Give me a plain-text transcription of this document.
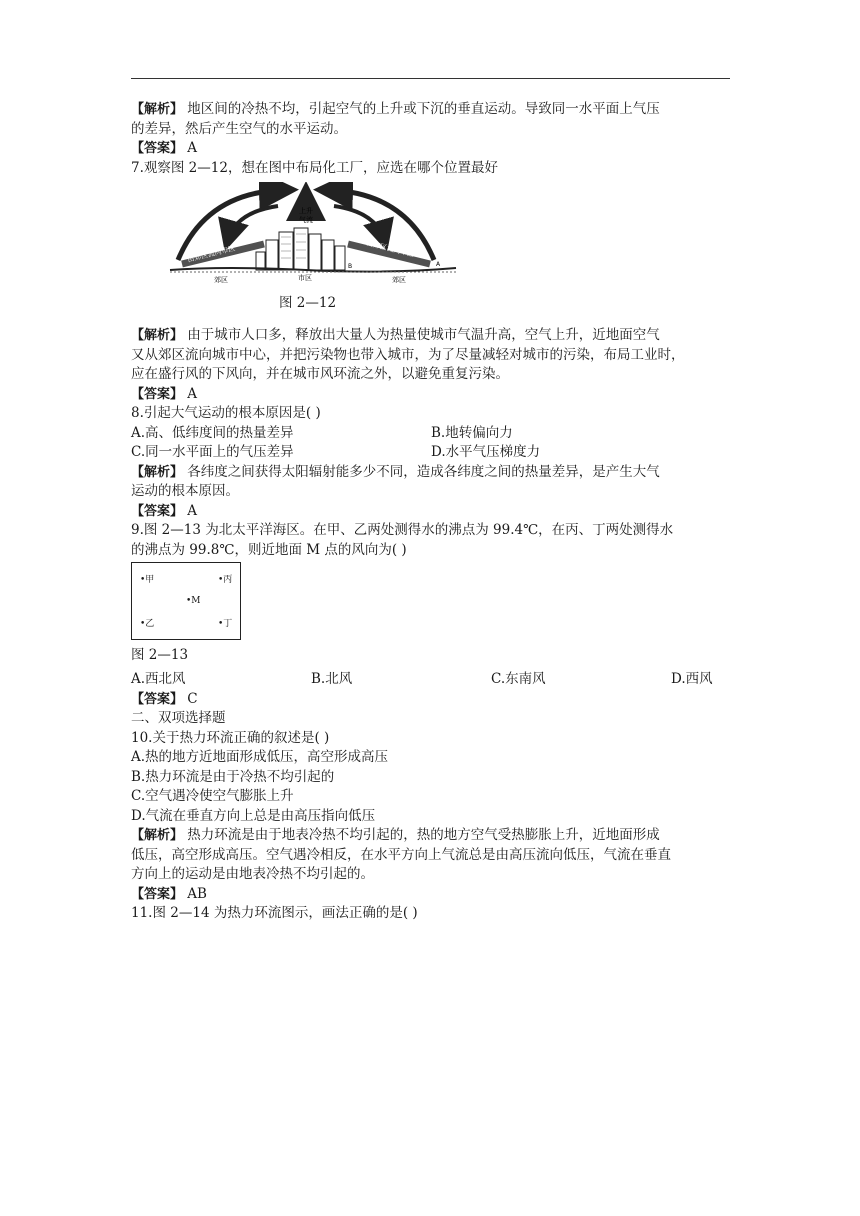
【解析】 地区间的冷热不均，引起空气的上升或下沉的垂直运动。导致同一水平面上气压
的差异，然后产生空气的水平运动。

【答案】 A

7.观察图 2—12，想在图中布局化工厂，应选在哪个位置最好

上升
气流
由郊区流向市区	由郊区流向市区
郊区	市区	郊区
B	A
图 2—12

【解析】 由于城市人口多，释放出大量人为热量使城市气温升高，空气上升，近地面空气
又从郊区流向城市中心，并把污染物也带入城市，为了尽量减轻对城市的污染，布局工业时，
应在盛行风的下风向，并在城市风环流之外，以避免重复污染。

【答案】 A

8.引起大气运动的根本原因是( )

A.高、低纬度间的热量差异	B.地转偏向力
C.同一水平面上的气压差异	D.水平气压梯度力

【解析】 各纬度之间获得太阳辐射能多少不同，造成各纬度之间的热量差异，是产生大气
运动的根本原因。

【答案】 A

9.图 2—13 为北太平洋海区。在甲、乙两处测得水的沸点为 99.4℃，在丙、丁两处测得水
的沸点为 99.8℃，则近地面 M 点的风向为( )

•甲	•丙
•M
•乙	•丁
图 2—13
A.西北风	B.北风	C.东南风	D.西风

【答案】 C

二、双项选择题

10.关于热力环流正确的叙述是( )

A.热的地方近地面形成低压，高空形成高压

B.热力环流是由于冷热不均引起的

C.空气遇冷使空气膨胀上升

D.气流在垂直方向上总是由高压指向低压

【解析】 热力环流是由于地表冷热不均引起的，热的地方空气受热膨胀上升，近地面形成
低压，高空形成高压。空气遇冷相反，在水平方向上气流总是由高压流向低压，气流在垂直
方向上的运动是由地表冷热不均引起的。

【答案】 AB

11.图 2—14 为热力环流图示，画法正确的是( )
